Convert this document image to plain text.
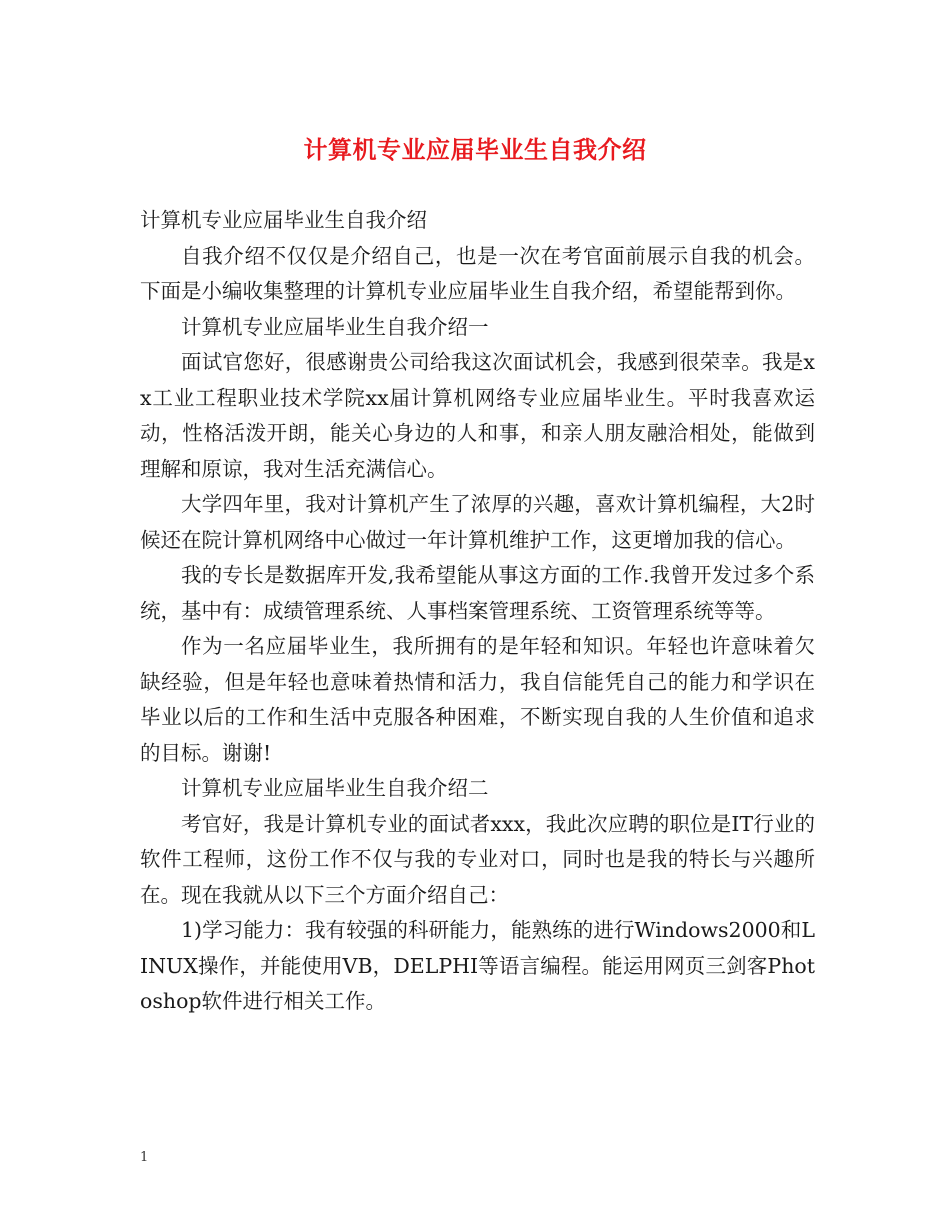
计算机专业应届毕业生自我介绍

计算机专业应届毕业生自我介绍

自我介绍不仅仅是介绍自己，也是一次在考官面前展示自我的机会。下面是小编收集整理的计算机专业应届毕业生自我介绍，希望能帮到你。

计算机专业应届毕业生自我介绍一

面试官您好，很感谢贵公司给我这次面试机会，我感到很荣幸。我是xx工业工程职业技术学院xx届计算机网络专业应届毕业生。平时我喜欢运动，性格活泼开朗，能关心身边的人和事，和亲人朋友融洽相处，能做到理解和原谅，我对生活充满信心。

大学四年里，我对计算机产生了浓厚的兴趣，喜欢计算机编程，大2时候还在院计算机网络中心做过一年计算机维护工作，这更增加我的信心。

我的专长是数据库开发,我希望能从事这方面的工作.我曾开发过多个系统，基中有：成绩管理系统、人事档案管理系统、工资管理系统等等。

作为一名应届毕业生，我所拥有的是年轻和知识。年轻也许意味着欠缺经验，但是年轻也意味着热情和活力，我自信能凭自己的能力和学识在毕业以后的工作和生活中克服各种困难，不断实现自我的人生价值和追求的目标。谢谢!

计算机专业应届毕业生自我介绍二

考官好，我是计算机专业的面试者xxx，我此次应聘的职位是IT行业的软件工程师，这份工作不仅与我的专业对口，同时也是我的特长与兴趣所在。现在我就从以下三个方面介绍自己：

1)学习能力：我有较强的科研能力，能熟练的进行Windows2000和LINUX操作，并能使用VB，DELPHI等语言编程。能运用网页三剑客Photoshop软件进行相关工作。

1
